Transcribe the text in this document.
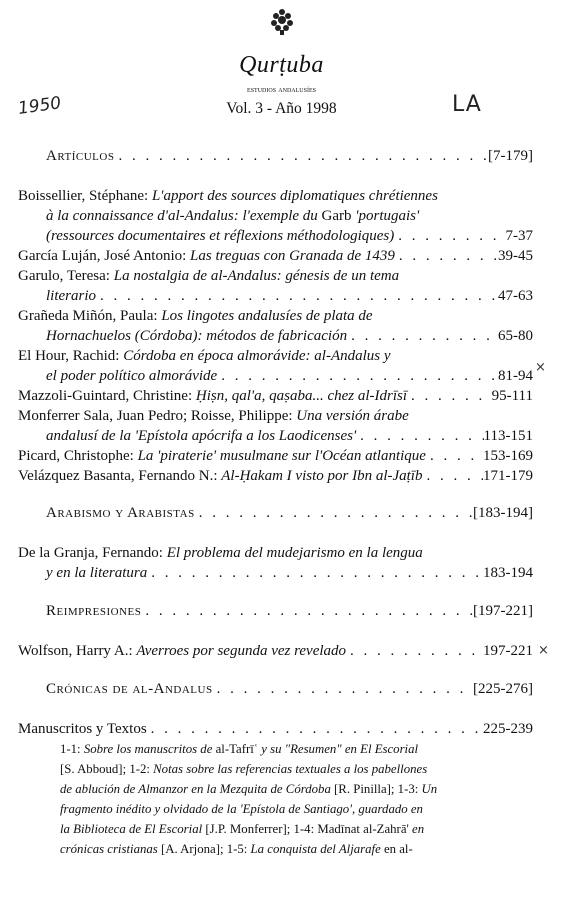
Qurṭuba
estudios andalusíes
Vol. 3 - Año 1998
1950	LA
Artículos . . .	[7-179]
Boissellier, Stéphane: L'apport des sources diplomatiques chrétiennes
à la connaissance d'al-Andalus: l'exemple du Garb 'portugais'
(ressources documentaires et réflexions méthodologiques) . . .	7-37
García Luján, José Antonio: Las treguas con Granada de 1439 . . .	39-45
Garulo, Teresa: La nostalgia de al-Andalus: génesis de un tema
literario . . .	47-63
Grañeda Miñón, Paula: Los lingotes andalusíes de plata de
Hornachuelos (Córdoba): métodos de fabricación . . .	65-80
El Hour, Rachid: Córdoba en época almorávide: al-Andalus y
el poder político almorávide . . .	81-94
×
Mazzoli-Guintard, Christine: Ḥiṣn, qal'a, qaṣaba... chez al-Idrīsī . . .	95-111
Monferrer Sala, Juan Pedro; Roisse, Philippe: Una versión árabe
andalusí de la 'Epístola apócrifa a los Laodicenses' . . .	113-151
Picard, Christophe: La 'piraterie' musulmane sur l'Océan atlantique . . .	153-169
Velázquez Basanta, Fernando N.: Al-Ḥakam I visto por Ibn al-Jaṭīb . . .	171-179
Arabismo y Arabistas . . .	[183-194]
De la Granja, Fernando: El problema del mudejarismo en la lengua
y en la literatura . . .	183-194
Reimpresiones . . .	[197-221]
Wolfson, Harry A.: Averroes por segunda vez revelado . . .	197-221 ×
Crónicas de al-Andalus . . .	[225-276]
Manuscritos y Textos . . .	225-239
1-1: Sobre los manuscritos de al-Tafrīʿ y su "Resumen" en El Escorial
[S. Abboud]; 1-2: Notas sobre las referencias textuales a los pabellones
de ablución de Almanzor en la Mezquita de Córdoba [R. Pinilla]; 1-3: Un
fragmento inédito y olvidado de la 'Epístola de Santiago', guardado en
la Biblioteca de El Escorial [J.P. Monferrer]; 1-4: Madīnat al-Zahrā' en
crónicas cristianas [A. Arjona]; 1-5: La conquista del Aljarafe en al-
